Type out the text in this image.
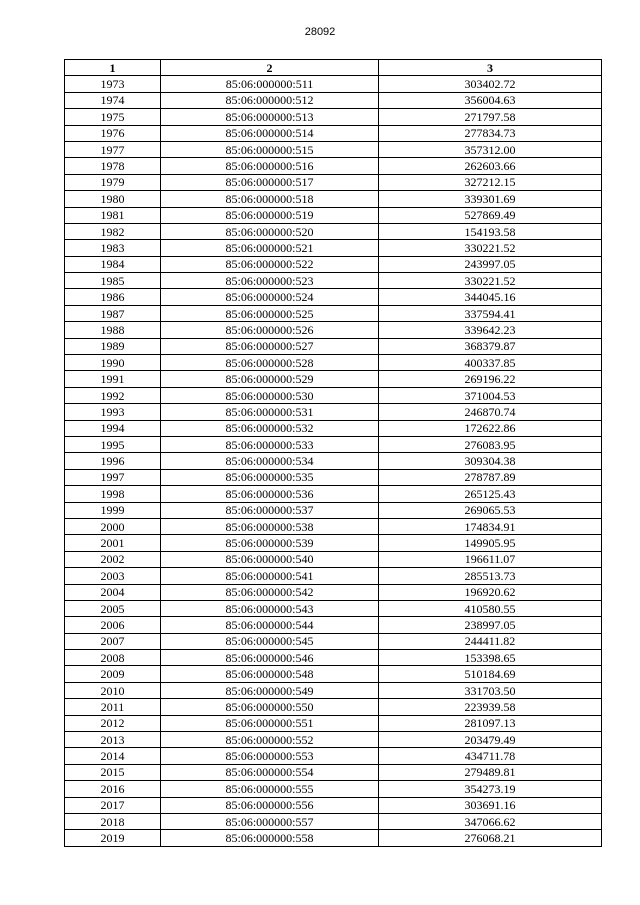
28092
1	2	3
1973	85:06:000000:511	303402.72
1974	85:06:000000:512	356004.63
1975	85:06:000000:513	271797.58
1976	85:06:000000:514	277834.73
1977	85:06:000000:515	357312.00
1978	85:06:000000:516	262603.66
1979	85:06:000000:517	327212.15
1980	85:06:000000:518	339301.69
1981	85:06:000000:519	527869.49
1982	85:06:000000:520	154193.58
1983	85:06:000000:521	330221.52
1984	85:06:000000:522	243997.05
1985	85:06:000000:523	330221.52
1986	85:06:000000:524	344045.16
1987	85:06:000000:525	337594.41
1988	85:06:000000:526	339642.23
1989	85:06:000000:527	368379.87
1990	85:06:000000:528	400337.85
1991	85:06:000000:529	269196.22
1992	85:06:000000:530	371004.53
1993	85:06:000000:531	246870.74
1994	85:06:000000:532	172622.86
1995	85:06:000000:533	276083.95
1996	85:06:000000:534	309304.38
1997	85:06:000000:535	278787.89
1998	85:06:000000:536	265125.43
1999	85:06:000000:537	269065.53
2000	85:06:000000:538	174834.91
2001	85:06:000000:539	149905.95
2002	85:06:000000:540	196611.07
2003	85:06:000000:541	285513.73
2004	85:06:000000:542	196920.62
2005	85:06:000000:543	410580.55
2006	85:06:000000:544	238997.05
2007	85:06:000000:545	244411.82
2008	85:06:000000:546	153398.65
2009	85:06:000000:548	510184.69
2010	85:06:000000:549	331703.50
2011	85:06:000000:550	223939.58
2012	85:06:000000:551	281097.13
2013	85:06:000000:552	203479.49
2014	85:06:000000:553	434711.78
2015	85:06:000000:554	279489.81
2016	85:06:000000:555	354273.19
2017	85:06:000000:556	303691.16
2018	85:06:000000:557	347066.62
2019	85:06:000000:558	276068.21
